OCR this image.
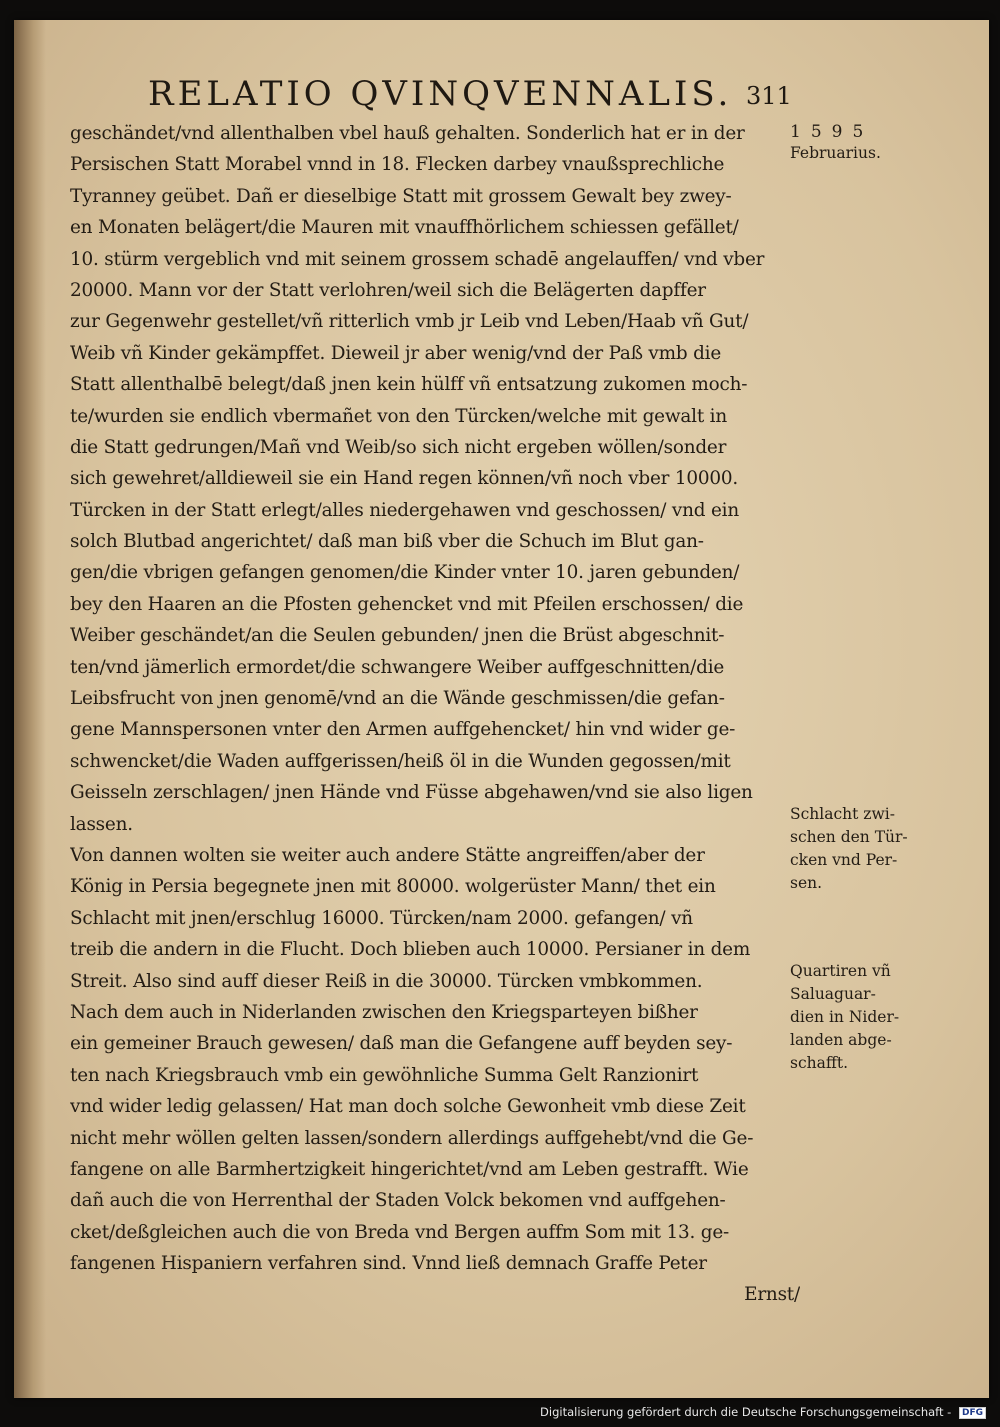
RELATIO QVINQVENNALIS. 311
geschändet/vnd allenthalben vbel hauß gehalten. Sonderlich hat er in der
Persischen Statt Morabel vnnd in 18. Flecken darbey vnaußsprechliche
Tyranney geübet. Dañ er dieselbige Statt mit grossem Gewalt bey zwey-
en Monaten belägert/die Mauren mit vnauffhörlichem schiessen gefället/
10. stürm vergeblich vnd mit seinem grossem schadē angelauffen/ vnd vber
20000. Mann vor der Statt verlohren/weil sich die Belägerten dapffer
zur Gegenwehr gestellet/vñ ritterlich vmb jr Leib vnd Leben/Haab vñ Gut/
Weib vñ Kinder gekämpffet. Dieweil jr aber wenig/vnd der Paß vmb die
Statt allenthalbē belegt/daß jnen kein hülff vñ entsatzung zukomen moch-
te/wurden sie endlich vbermañet von den Türcken/welche mit gewalt in
die Statt gedrungen/Mañ vnd Weib/so sich nicht ergeben wöllen/sonder
sich gewehret/alldieweil sie ein Hand regen können/vñ noch vber 10000.
Türcken in der Statt erlegt/alles niedergehawen vnd geschossen/ vnd ein
solch Blutbad angerichtet/ daß man biß vber die Schuch im Blut gan-
gen/die vbrigen gefangen genomen/die Kinder vnter 10. jaren gebunden/
bey den Haaren an die Pfosten gehencket vnd mit Pfeilen erschossen/ die
Weiber geschändet/an die Seulen gebunden/ jnen die Brüst abgeschnit-
ten/vnd jämerlich ermordet/die schwangere Weiber auffgeschnitten/die
Leibsfrucht von jnen genomē/vnd an die Wände geschmissen/die gefan-
gene Mannspersonen vnter den Armen auffgehencket/ hin vnd wider ge-
schwencket/die Waden auffgerissen/heiß öl in die Wunden gegossen/mit
Geisseln zerschlagen/ jnen Hände vnd Füsse abgehawen/vnd sie also ligen
lassen.
Von dannen wolten sie weiter auch andere Stätte angreiffen/aber der
König in Persia begegnete jnen mit 80000. wolgerüster Mann/ thet ein
Schlacht mit jnen/erschlug 16000. Türcken/nam 2000. gefangen/ vñ
treib die andern in die Flucht. Doch blieben auch 10000. Persianer in dem
Streit. Also sind auff dieser Reiß in die 30000. Türcken vmbkommen.
Nach dem auch in Niderlanden zwischen den Kriegsparteyen bißher
ein gemeiner Brauch gewesen/ daß man die Gefangene auff beyden sey-
ten nach Kriegsbrauch vmb ein gewöhnliche Summa Gelt Ranzionirt
vnd wider ledig gelassen/ Hat man doch solche Gewonheit vmb diese Zeit
nicht mehr wöllen gelten lassen/sondern allerdings auffgehebt/vnd die Ge-
fangene on alle Barmhertzigkeit hingerichtet/vnd am Leben gestrafft. Wie
dañ auch die von Herrenthal der Staden Volck bekomen vnd auffgehen-
cket/deßgleichen auch die von Breda vnd Bergen auffm Som mit 13. ge-
fangenen Hispaniern verfahren sind. Vnnd ließ demnach Graffe Peter
Ernst/
1595
Februarius.
Schlacht zwi-
schen den Tür-
cken vnd Per-
sen.
Quartiren vñ
Saluaguar-
dien in Nider-
landen abge-
schafft.
Digitalisierung gefördert durch die Deutsche Forschungsgemeinschaft - DFG
